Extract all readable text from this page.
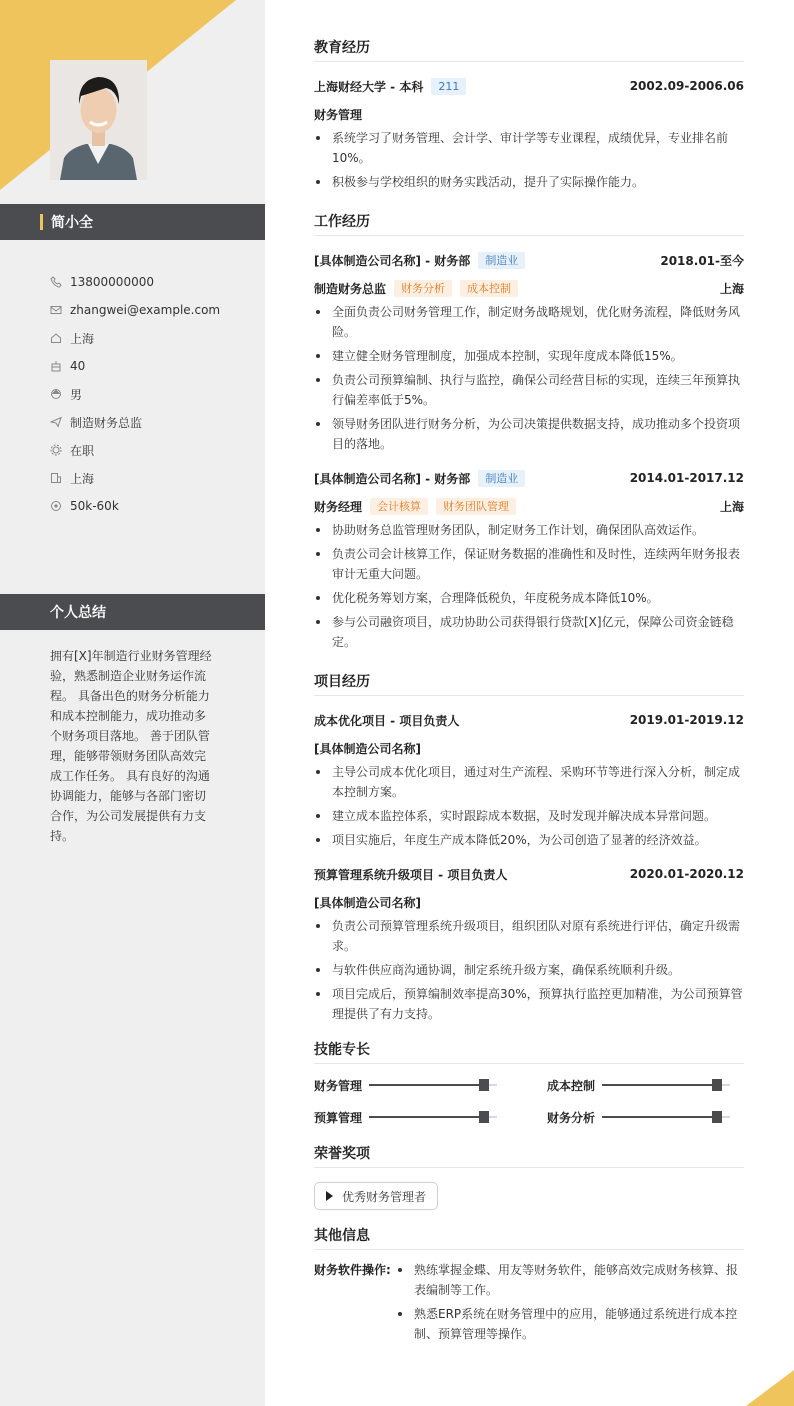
简小全
13800000000
zhangwei@example.com
上海
40
男
制造财务总监
在职
上海
50k-60k
个人总结

拥有[X]年制造行业财务管理经验，熟悉制造企业财务运作流程。 具备出色的财务分析能力和成本控制能力，成功推动多个财务项目落地。 善于团队管理，能够带领财务团队高效完成工作任务。 具有良好的沟通协调能力，能够与各部门密切合作，为公司发展提供有力支持。

教育经历
上海财经大学 - 本科	211	2002.09-2006.06
财务管理
系统学习了财务管理、会计学、审计学等专业课程，成绩优异，专业排名前10%。
积极参与学校组织的财务实践活动，提升了实际操作能力。
工作经历
[具体制造公司名称] - 财务部	制造业	2018.01-至今
制造财务总监	财务分析	成本控制	上海
全面负责公司财务管理工作，制定财务战略规划，优化财务流程，降低财务风险。
建立健全财务管理制度，加强成本控制，实现年度成本降低15%。
负责公司预算编制、执行与监控，确保公司经营目标的实现，连续三年预算执行偏差率低于5%。
领导财务团队进行财务分析，为公司决策提供数据支持，成功推动多个投资项目的落地。
[具体制造公司名称] - 财务部	制造业	2014.01-2017.12
财务经理	会计核算	财务团队管理	上海
协助财务总监管理财务团队，制定财务工作计划，确保团队高效运作。
负责公司会计核算工作，保证财务数据的准确性和及时性，连续两年财务报表审计无重大问题。
优化税务筹划方案，合理降低税负，年度税务成本降低10%。
参与公司融资项目，成功协助公司获得银行贷款[X]亿元，保障公司资金链稳定。
项目经历
成本优化项目 - 项目负责人	2019.01-2019.12
[具体制造公司名称]
主导公司成本优化项目，通过对生产流程、采购环节等进行深入分析，制定成本控制方案。
建立成本监控体系，实时跟踪成本数据，及时发现并解决成本异常问题。
项目实施后，年度生产成本降低20%，为公司创造了显著的经济效益。
预算管理系统升级项目 - 项目负责人	2020.01-2020.12
[具体制造公司名称]
负责公司预算管理系统升级项目，组织团队对原有系统进行评估，确定升级需求。
与软件供应商沟通协调，制定系统升级方案，确保系统顺利升级。
项目完成后，预算编制效率提高30%，预算执行监控更加精准，为公司预算管理提供了有力支持。
技能专长
财务管理	成本控制
预算管理	财务分析
荣誉奖项
优秀财务管理者
其他信息
财务软件操作:	熟练掌握金蝶、用友等财务软件，能够高效完成财务核算、报表编制等工作。
熟悉ERP系统在财务管理中的应用，能够通过系统进行成本控制、预算管理等操作。
